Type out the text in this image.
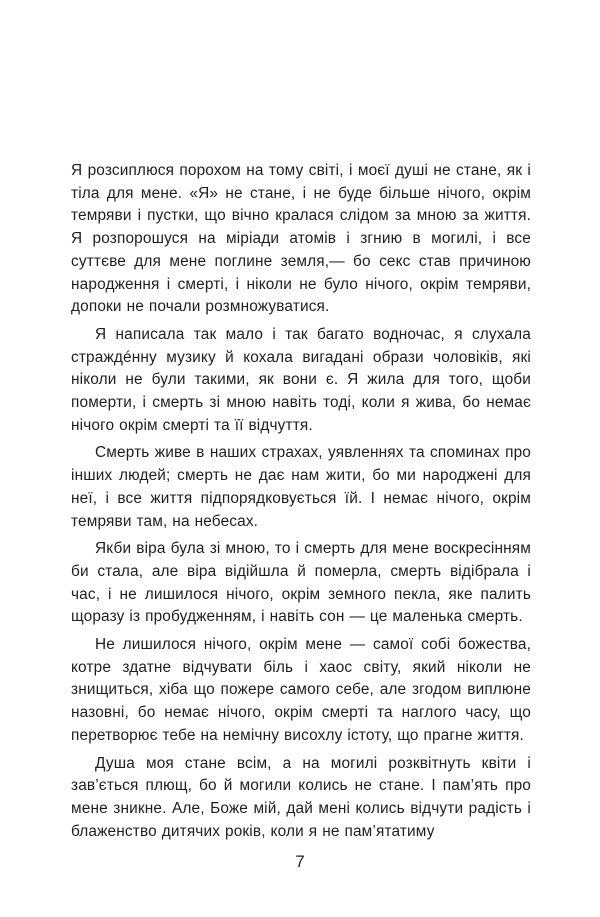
Я розсиплюся порохом на тому світі, і моєї душі не стане, як і тіла для мене. «Я» не стане, і не буде більше нічого, окрім темряви і пустки, що вічно кралася слідом за мною за життя. Я розпорошуся на міріади атомів і згнию в могилі, і все суттєве для мене поглине земля,— бо секс став причиною народження і смерті, і ніколи не було нічого, окрім темряви, допоки не почали розмножуватися.

Я написала так мало і так багато водночас, я слухала страждéнну музику й кохала вигадані образи чоловіків, які ніколи не були такими, як вони є. Я жила для того, щоби померти, і смерть зі мною навіть тоді, коли я жива, бо немає нічого окрім смерті та її відчуття.

Смерть живе в наших страхах, уявленнях та споминах про інших людей; смерть не дає нам жити, бо ми народжені для неї, і все життя підпорядковується їй. І немає нічого, окрім темряви там, на небесах.

Якби віра була зі мною, то і смерть для мене воскресінням би стала, але віра відійшла й померла, смерть відібрала і час, і не лишилося нічого, окрім земного пекла, яке палить щоразу із пробудженням, і навіть сон — це маленька смерть.

Не лишилося нічого, окрім мене — самої собі божества, котре здатне відчувати біль і хаос світу, який ніколи не знищиться, хіба що пожере самого себе, але згодом виплюне назовні, бо немає нічого, окрім смерті та наглого часу, що перетворює тебе на немічну висохлу істоту, що прагне життя.

Душа моя стане всім, а на могилі розквітнуть квіти і зав’ється плющ, бо й могили колись не стане. І пам’ять про мене зникне. Але, Боже мій, дай мені колись відчути радість і блаженство дитячих років, коли я не пам’ятатиму

7
